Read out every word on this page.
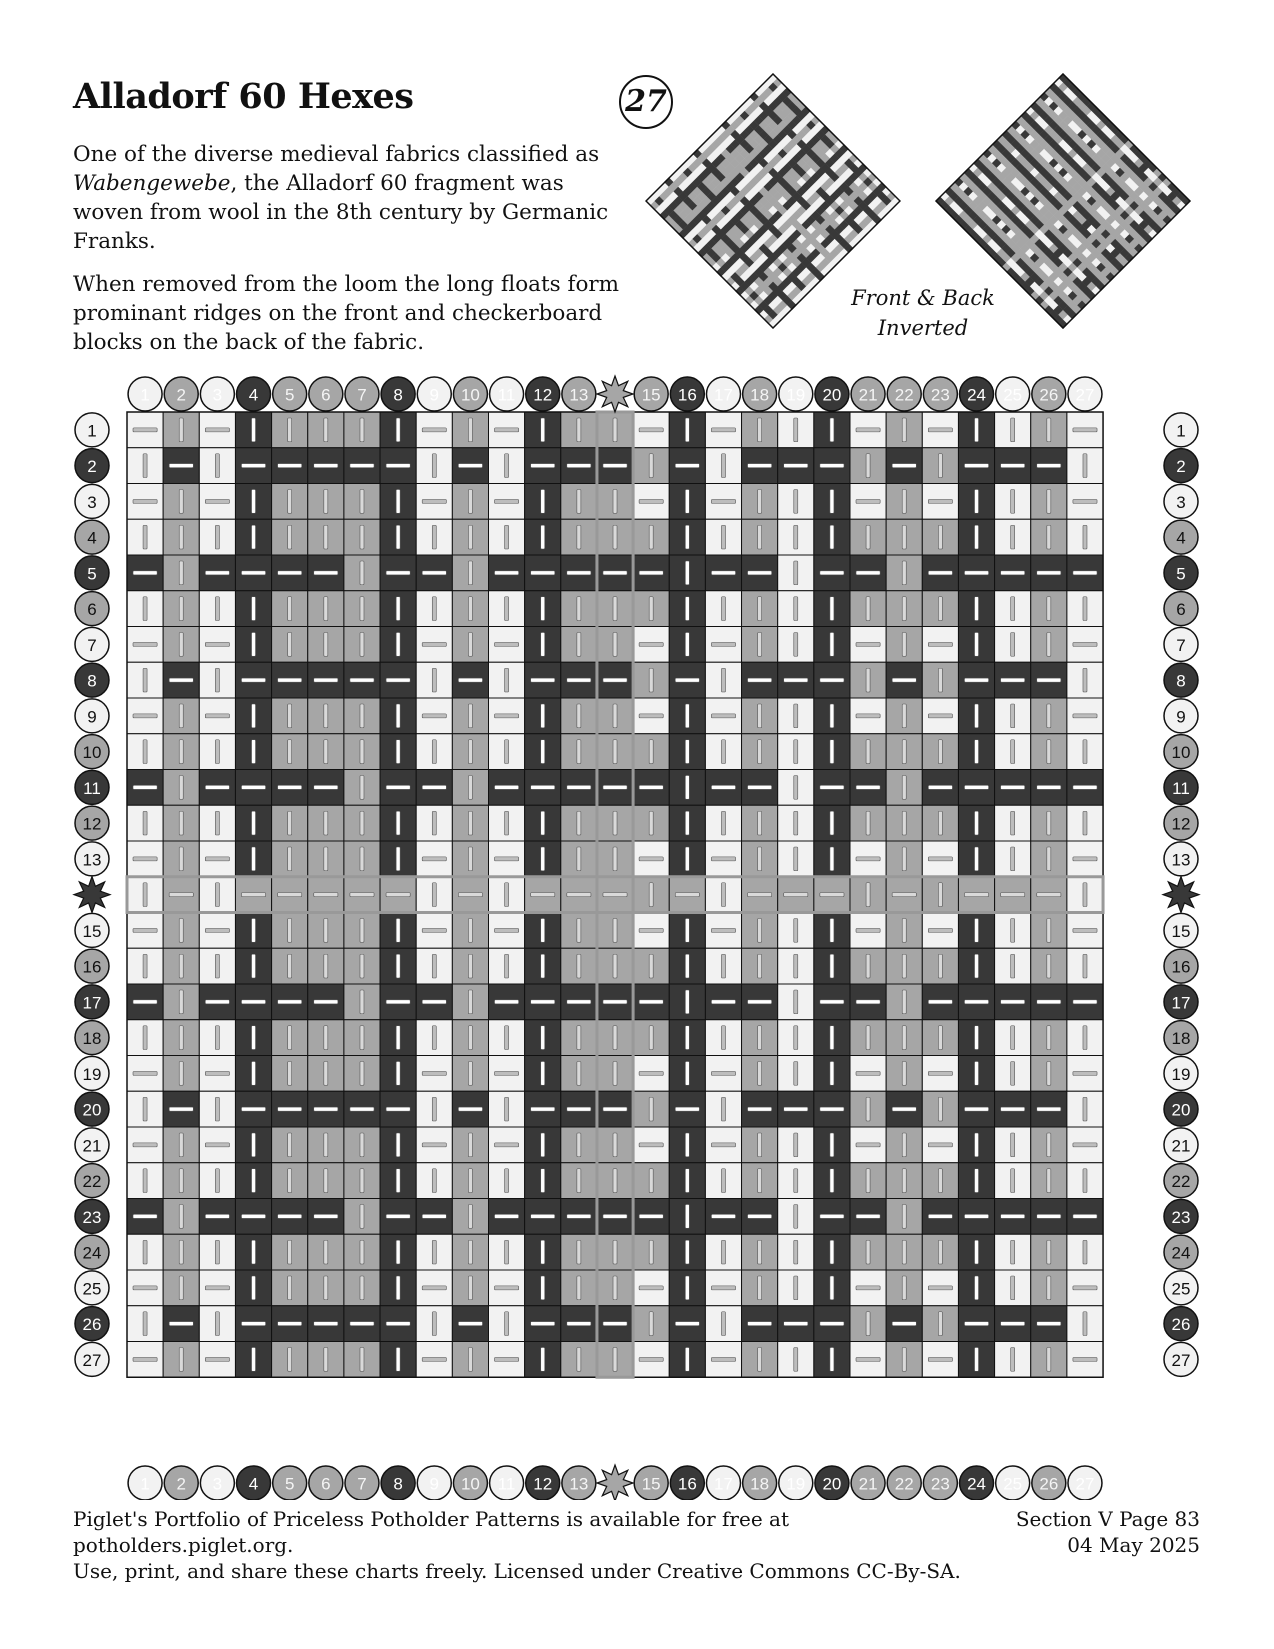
Alladorf 60 Hexes

One of the diverse medieval fabrics classified as Wabengewebe, the Alladorf 60 fragment was woven from wool in the 8th century by Germanic Franks.

When removed from the loom the long floats form prominant ridges on the front and checkerboard blocks on the back of the fabric.

27
Front & Back
Inverted
1 2 3 4 5 6 7 8 9 10 11 12 13	15 16 17 18 19 20 21 22 23 24 25 26 27
1 2 3 4 5 6 7 8 9 10 11 12 13	15 16 17 18 19 20 21 22 23 24 25 26 27
1
2
3
4
5
6
7
8
9
10
11
12
13
15
16
17
18
19
20
21
22
23
24
25
26
27
1
2
3
4
5
6
7
8
9
10
11
12
13
15
16
17
18
19
20
21
22
23
24
25
26
27
Piglet's Portfolio of Priceless Potholder Patterns is available for free at potholders.piglet.org.
Use, print, and share these charts freely. Licensed under Creative Commons CC-By-SA.
Section V Page 83
04 May 2025
